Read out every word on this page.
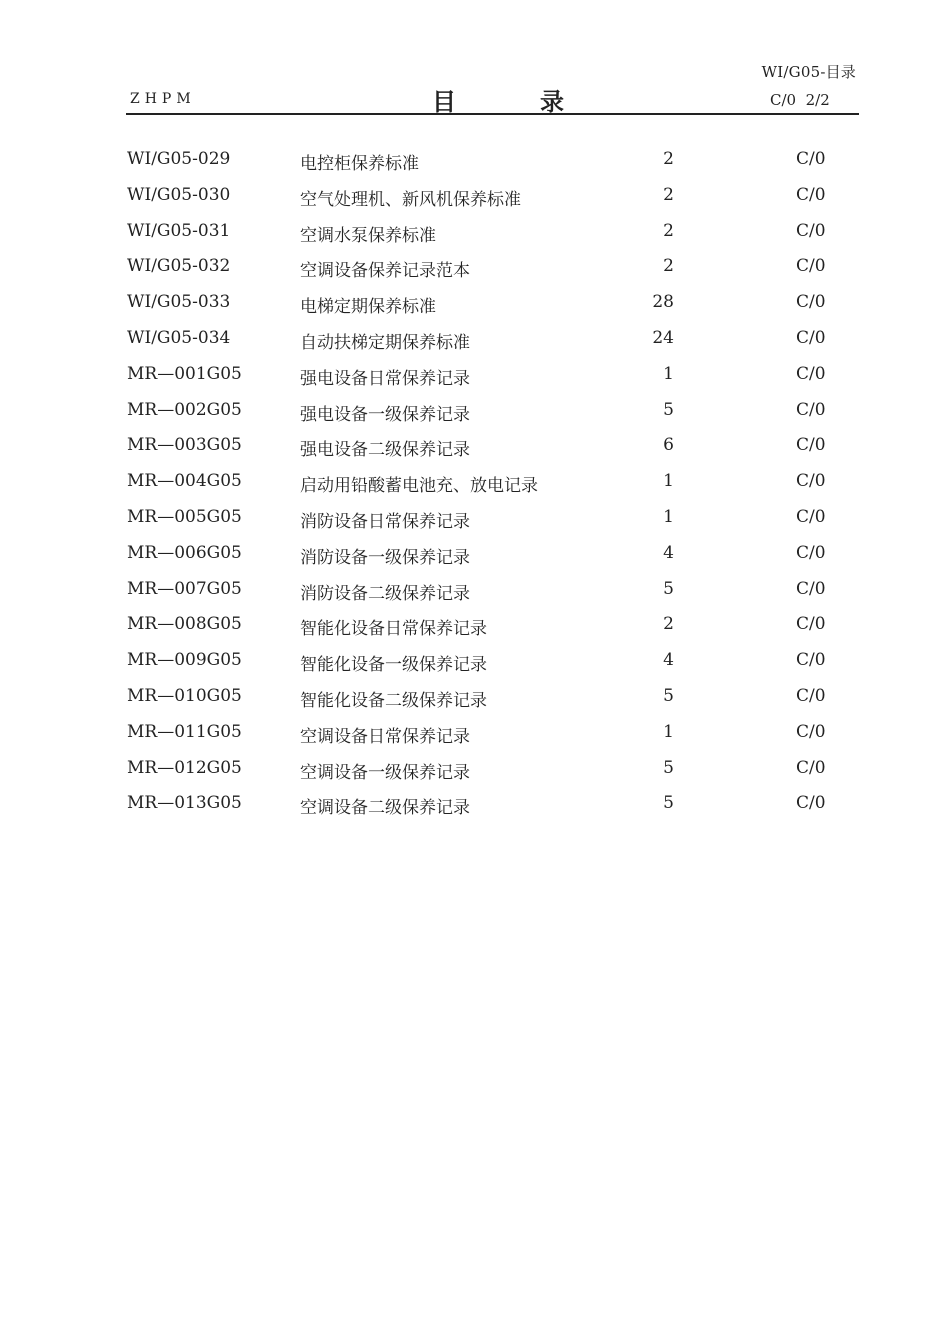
WI/G05-目录
ZHPM	目录	C/0  2/2
WI/G05-029	电控柜保养标准	2	C/0
WI/G05-030	空气处理机、新风机保养标准	2	C/0
WI/G05-031	空调水泵保养标准	2	C/0
WI/G05-032	空调设备保养记录范本	2	C/0
WI/G05-033	电梯定期保养标准	28	C/0
WI/G05-034	自动扶梯定期保养标准	24	C/0
MR—001G05	强电设备日常保养记录	1	C/0
MR—002G05	强电设备一级保养记录	5	C/0
MR—003G05	强电设备二级保养记录	6	C/0
MR—004G05	启动用铅酸蓄电池充、放电记录	1	C/0
MR—005G05	消防设备日常保养记录	1	C/0
MR—006G05	消防设备一级保养记录	4	C/0
MR—007G05	消防设备二级保养记录	5	C/0
MR—008G05	智能化设备日常保养记录	2	C/0
MR—009G05	智能化设备一级保养记录	4	C/0
MR—010G05	智能化设备二级保养记录	5	C/0
MR—011G05	空调设备日常保养记录	1	C/0
MR—012G05	空调设备一级保养记录	5	C/0
MR—013G05	空调设备二级保养记录	5	C/0
